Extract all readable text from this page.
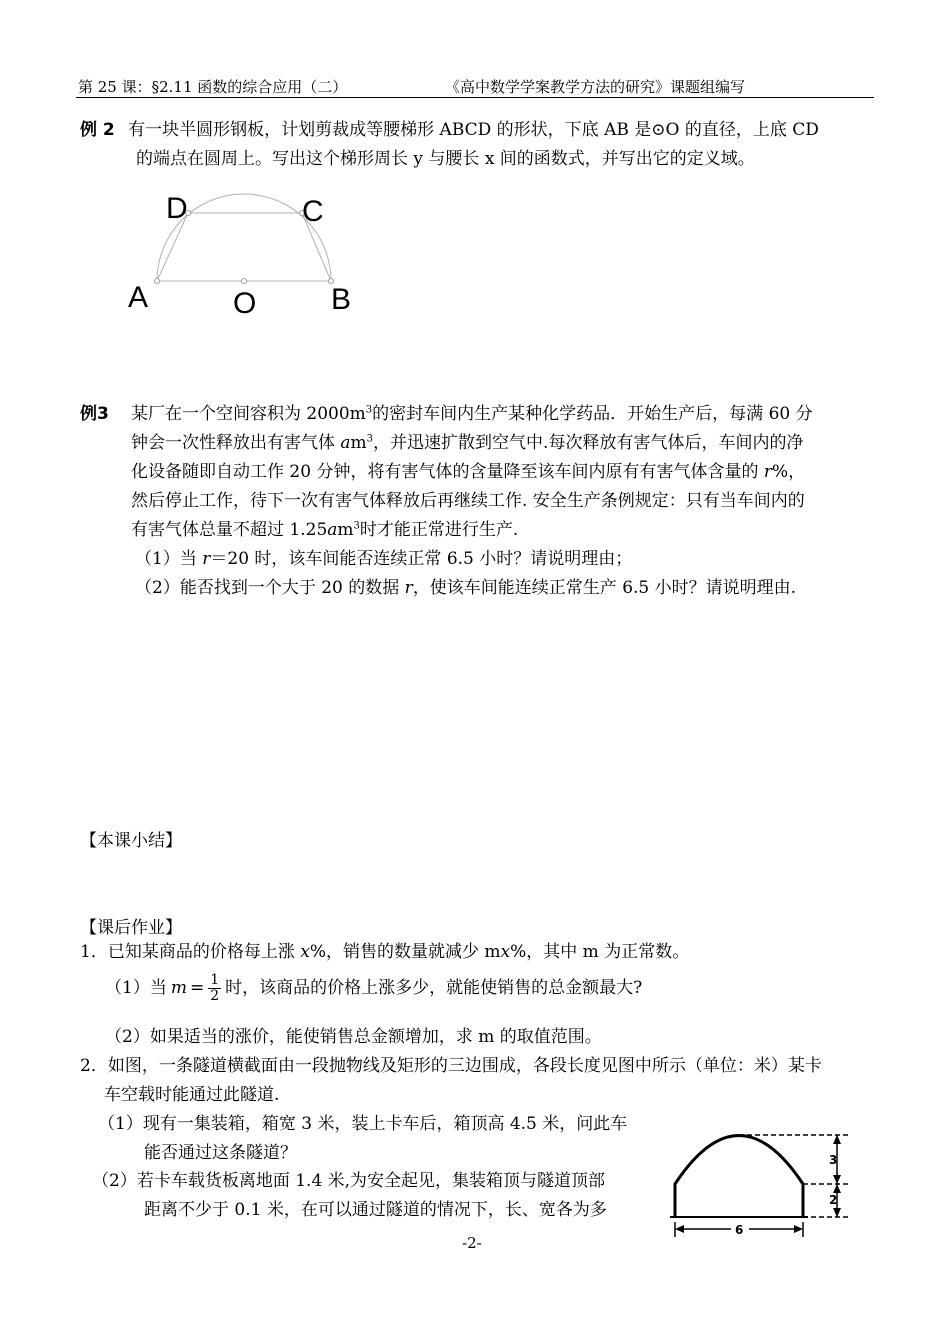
第 25 课：§2.11 函数的综合应用（二）	《高中数学学案教学方法的研究》课题组编写
例 2 有一块半圆形钢板，计划剪裁成等腰梯形 ABCD 的形状，下底 AB 是⊙O 的直径，上底 CD
的端点在圆周上。写出这个梯形周长 y 与腰长 x 间的函数式，并写出它的定义域。
D	C
A	O B
例3 某厂在一个空间容积为 $2000m^3$的密封车间内生产某种化学药品．开始生产后，每满 60 分
钟会一次性释放出有害气体 $am^3$，并迅速扩散到空气中.每次释放有害气体后，车间内的净
化设备随即自动工作 20 分钟，将有害气体的含量降至该车间内原有有害气体含量的 r%，
然后停止工作，待下一次有害气体释放后再继续工作. 安全生产条例规定：只有当车间内的
有害气体总量不超过 $1.25am^3$时才能正常进行生产.
（1）当 r＝20 时，该车间能否连续正常 6.5 小时？请说明理由；
（2）能否找到一个大于 20 的数据 r，使该车间能连续正常生产 6.5 小时？请说明理由.
【本课小结】
【课后作业】
1．已知某商品的价格每上涨 x%，销售的数量就减少 mx%，其中 m 为正常数。
（1）当 $m = \frac{1}{2}$ 时，该商品的价格上涨多少，就能使销售的总金额最大?
（2）如果适当的涨价，能使销售总金额增加，求 m 的取值范围。
2．如图，一条隧道横截面由一段抛物线及矩形的三边围成，各段长度见图中所示（单位：米）某卡
车空载时能通过此隧道.
（1）现有一集装箱，箱宽 3 米，装上卡车后，箱顶高 4.5 米，问此车
能否通过这条隧道？
（2）若卡车载货板离地面 1.4 米,为安全起见，集装箱顶与隧道顶部
距离不少于 0.1 米，在可以通过隧道的情况下，长、宽各为多
3
2
6
-2-
